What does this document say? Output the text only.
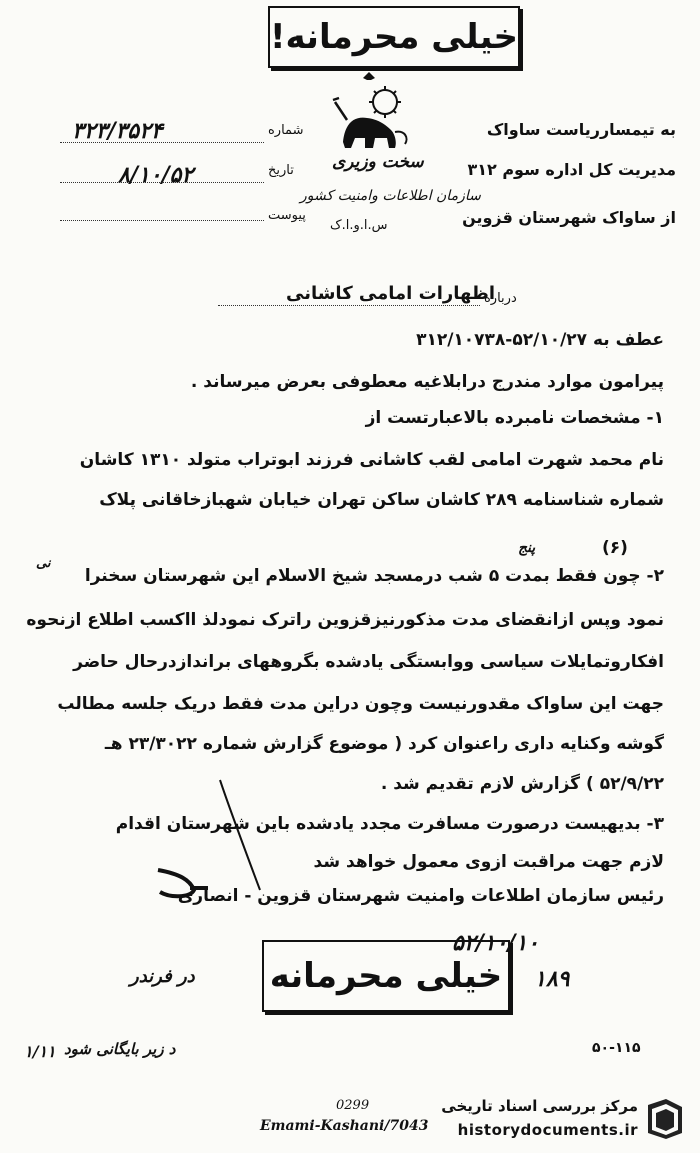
خیلی محرمانه!
به تیمسارریاست ساواک
مدیریت کل اداره سوم ۳۱۲
از ساواک شهرستان قزوین
سخت وزیری
سازمان اطلاعات وامنیت کشور
س.ا.و.ا.ک
شماره
۳۲۳/۳۵۲۴
تاریخ
۸/۱۰/۵۲
پیوست
درباره
اظهارات امامی کاشانی
عطف به ۵۲/۱۰/۲۷-۳۱۲/۱۰۷۳۸
پیرامون موارد مندرج درابلاغیه معطوفی بعرض میرساند .
۱- مشخصات نامبرده بالاعبارتست از
نام محمد شهرت امامی لقب کاشانی فرزند ابوتراب متولد ۱۳۱۰ کاشان
شماره شناسنامه ۲۸۹ کاشان ساکن تهران خیابان شهبازخاقانی پلاک
(۶)
پنج
نی
۲- چون فقط بمدت ۵ شب درمسجد شیخ الاسلام این شهرستان سخنرا
نمود وپس ازانقضای مدت مذکورنیزقزوین راترک نمودلذ ااکسب اطلاع ازنحوه
افکاروتمایلات سیاسی ووابستگی یادشده بگروههای براندازدرحال حاضر
جهت این ساواک مقدورنیست وچون دراین مدت فقط دریک جلسه مطالب
گوشه وکنایه داری راعنوان کرد ( موضوع گزارش شماره ۲۳/۳۰۲۲ هـ
۵۲/۹/۲۲ ) گزارش لازم تقدیم شد .
۳- بدیهیست درصورت مسافرت مجدد یادشده باین شهرستان اقدام
لازم جهت مراقبت ازوی معمول خواهد شد
رئیس سازمان اطلاعات وامنیت شهرستان قزوین - انصاری
خیلی محرمانه
۵۲/۱۰/۱۰
۱۸۹
در فرندر
د زیر بایگانی شود
۱/۱۱	۵۰-۱۱۵
0299
Emami-Kashani/7043
مرکز بررسی اسناد تاریخی
historydocuments.ir
